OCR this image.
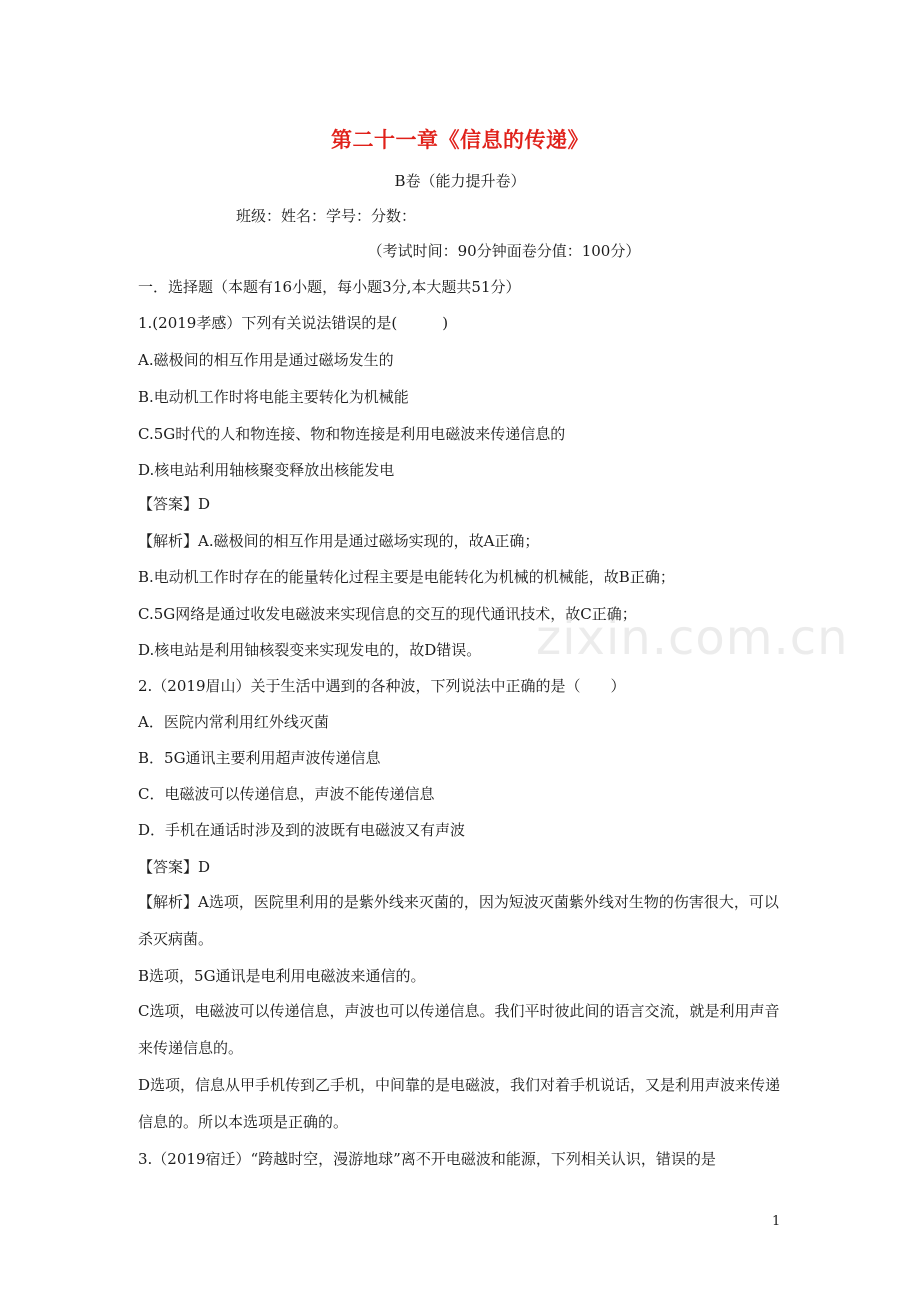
第二十一章《信息的传递》
B卷（能力提升卷）
班级：姓名：学号：分数：
（考试时间：90分钟面卷分值：100分）
一．选择题（本题有16小题，每小题3分,本大题共51分）
1.(2019孝感）下列有关说法错误的是(　　　)
A.磁极间的相互作用是通过磁场发生的
B.电动机工作时将电能主要转化为机械能
C.5G时代的人和物连接、物和物连接是利用电磁波来传递信息的
D.核电站利用轴核聚变释放出核能发电
【答案】D
【解析】A.磁极间的相互作用是通过磁场实现的，故A正确；
B.电动机工作时存在的能量转化过程主要是电能转化为机械的机械能，故B正确；
C.5G网络是通过收发电磁波来实现信息的交互的现代通讯技术，故C正确；
D.核电站是利用铀核裂变来实现发电的，故D错误。
2.（2019眉山）关于生活中遇到的各种波，下列说法中正确的是（　　）
A．医院内常利用红外线灭菌
B．5G通讯主要利用超声波传递信息
C．电磁波可以传递信息，声波不能传递信息
D．手机在通话时涉及到的波既有电磁波又有声波
【答案】D
【解析】A选项，医院里利用的是紫外线来灭菌的，因为短波灭菌紫外线对生物的伤害很大，可以杀灭病菌。
B选项，5G通讯是电利用电磁波来通信的。
C选项，电磁波可以传递信息，声波也可以传递信息。我们平时彼此间的语言交流，就是利用声音来传递信息的。
D选项，信息从甲手机传到乙手机，中间靠的是电磁波，我们对着手机说话，又是利用声波来传递信息的。所以本选项是正确的。
3.（2019宿迁）“跨越时空，漫游地球”离不开电磁波和能源，下列相关认识，错误的是
zixin.com.cn
1
